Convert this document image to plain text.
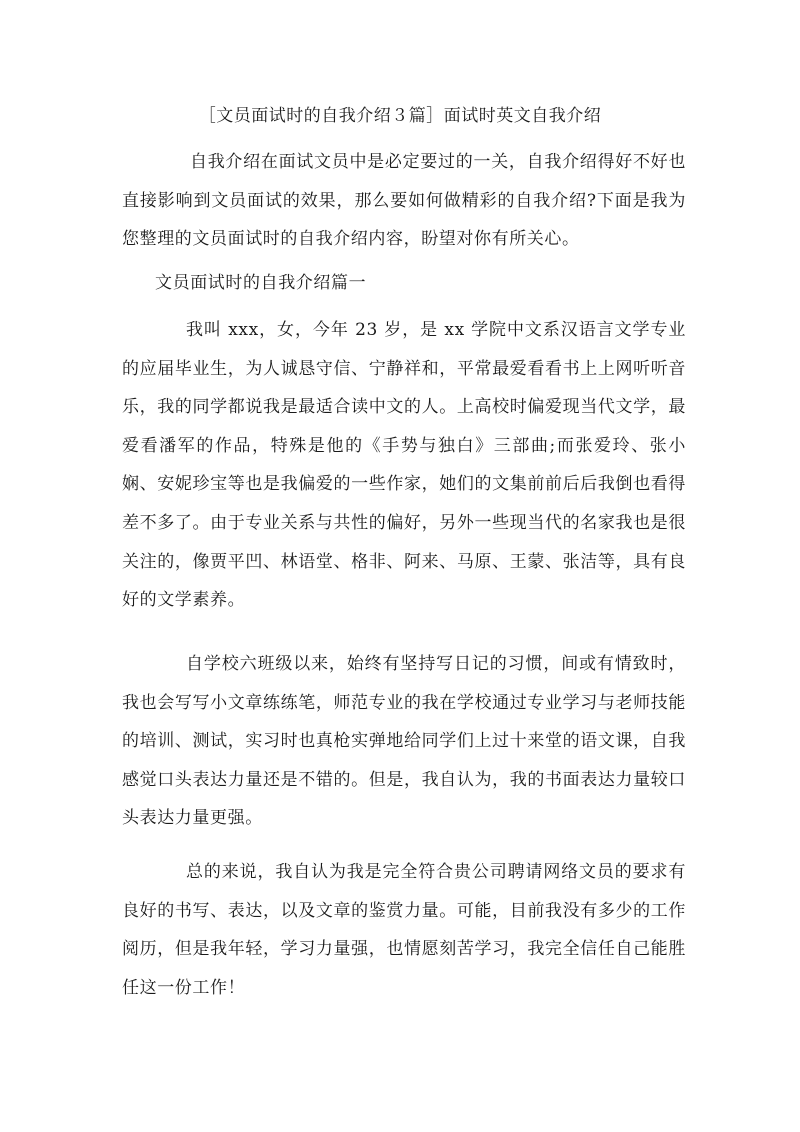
［文员面试时的自我介绍３篇］面试时英文自我介绍

自我介绍在面试文员中是必定要过的一关，自我介绍得好不好也直接影响到文员面试的效果，那么要如何做精彩的自我介绍?下面是我为您整理的文员面试时的自我介绍内容，盼望对你有所关心。

文员面试时的自我介绍篇一

我叫 xxx，女，今年 23 岁，是 xx 学院中文系汉语言文学专业的应届毕业生，为人诚恳守信、宁静祥和，平常最爱看看书上上网听听音乐，我的同学都说我是最适合读中文的人。上高校时偏爱现当代文学，最爱看潘军的作品，特殊是他的《手势与独白》三部曲;而张爱玲、张小娴、安妮珍宝等也是我偏爱的一些作家，她们的文集前前后后我倒也看得差不多了。由于专业关系与共性的偏好，另外一些现当代的名家我也是很关注的，像贾平凹、林语堂、格非、阿来、马原、王蒙、张洁等，具有良好的文学素养。

自学校六班级以来，始终有坚持写日记的习惯，间或有情致时，我也会写写小文章练练笔，师范专业的我在学校通过专业学习与老师技能的培训、测试，实习时也真枪实弹地给同学们上过十来堂的语文课，自我感觉口头表达力量还是不错的。但是，我自认为，我的书面表达力量较口头表达力量更强。

总的来说，我自认为我是完全符合贵公司聘请网络文员的要求有良好的书写、表达，以及文章的鉴赏力量。可能，目前我没有多少的工作阅历，但是我年轻，学习力量强，也情愿刻苦学习，我完全信任自己能胜任这一份工作！
